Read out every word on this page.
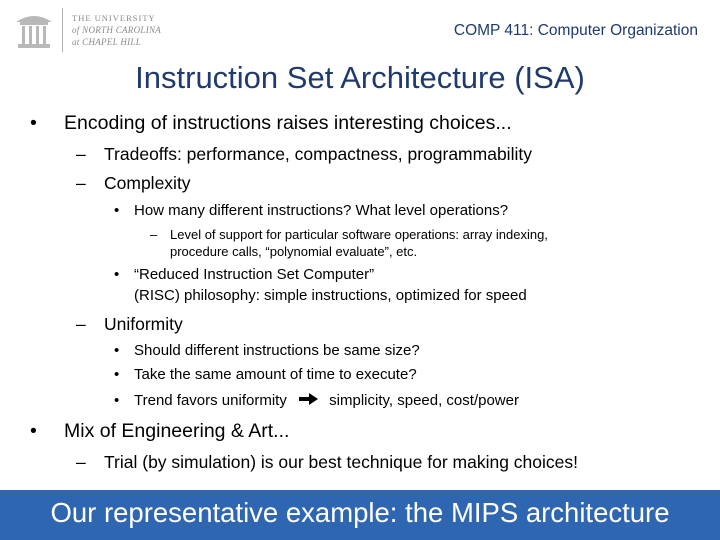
THE UNIVERSITY
of NORTH CAROLINA
at CHAPEL HILL
COMP 411: Computer Organization
Instruction Set Architecture (ISA)
• Encoding of instructions raises interesting choices...
– Tradeoffs: performance, compactness, programmability
– Complexity
• How many different instructions? What level operations?
– Level of support for particular software operations: array indexing,
procedure calls, “polynomial evaluate”, etc.
• “Reduced Instruction Set Computer”
(RISC) philosophy: simple instructions, optimized for speed
– Uniformity
• Should different instructions be same size?
• Take the same amount of time to execute?
• Trend favors uniformity	simplicity, speed, cost/power
• Mix of Engineering & Art...
– Trial (by simulation) is our best technique for making choices!
Our representative example: the MIPS architecture
